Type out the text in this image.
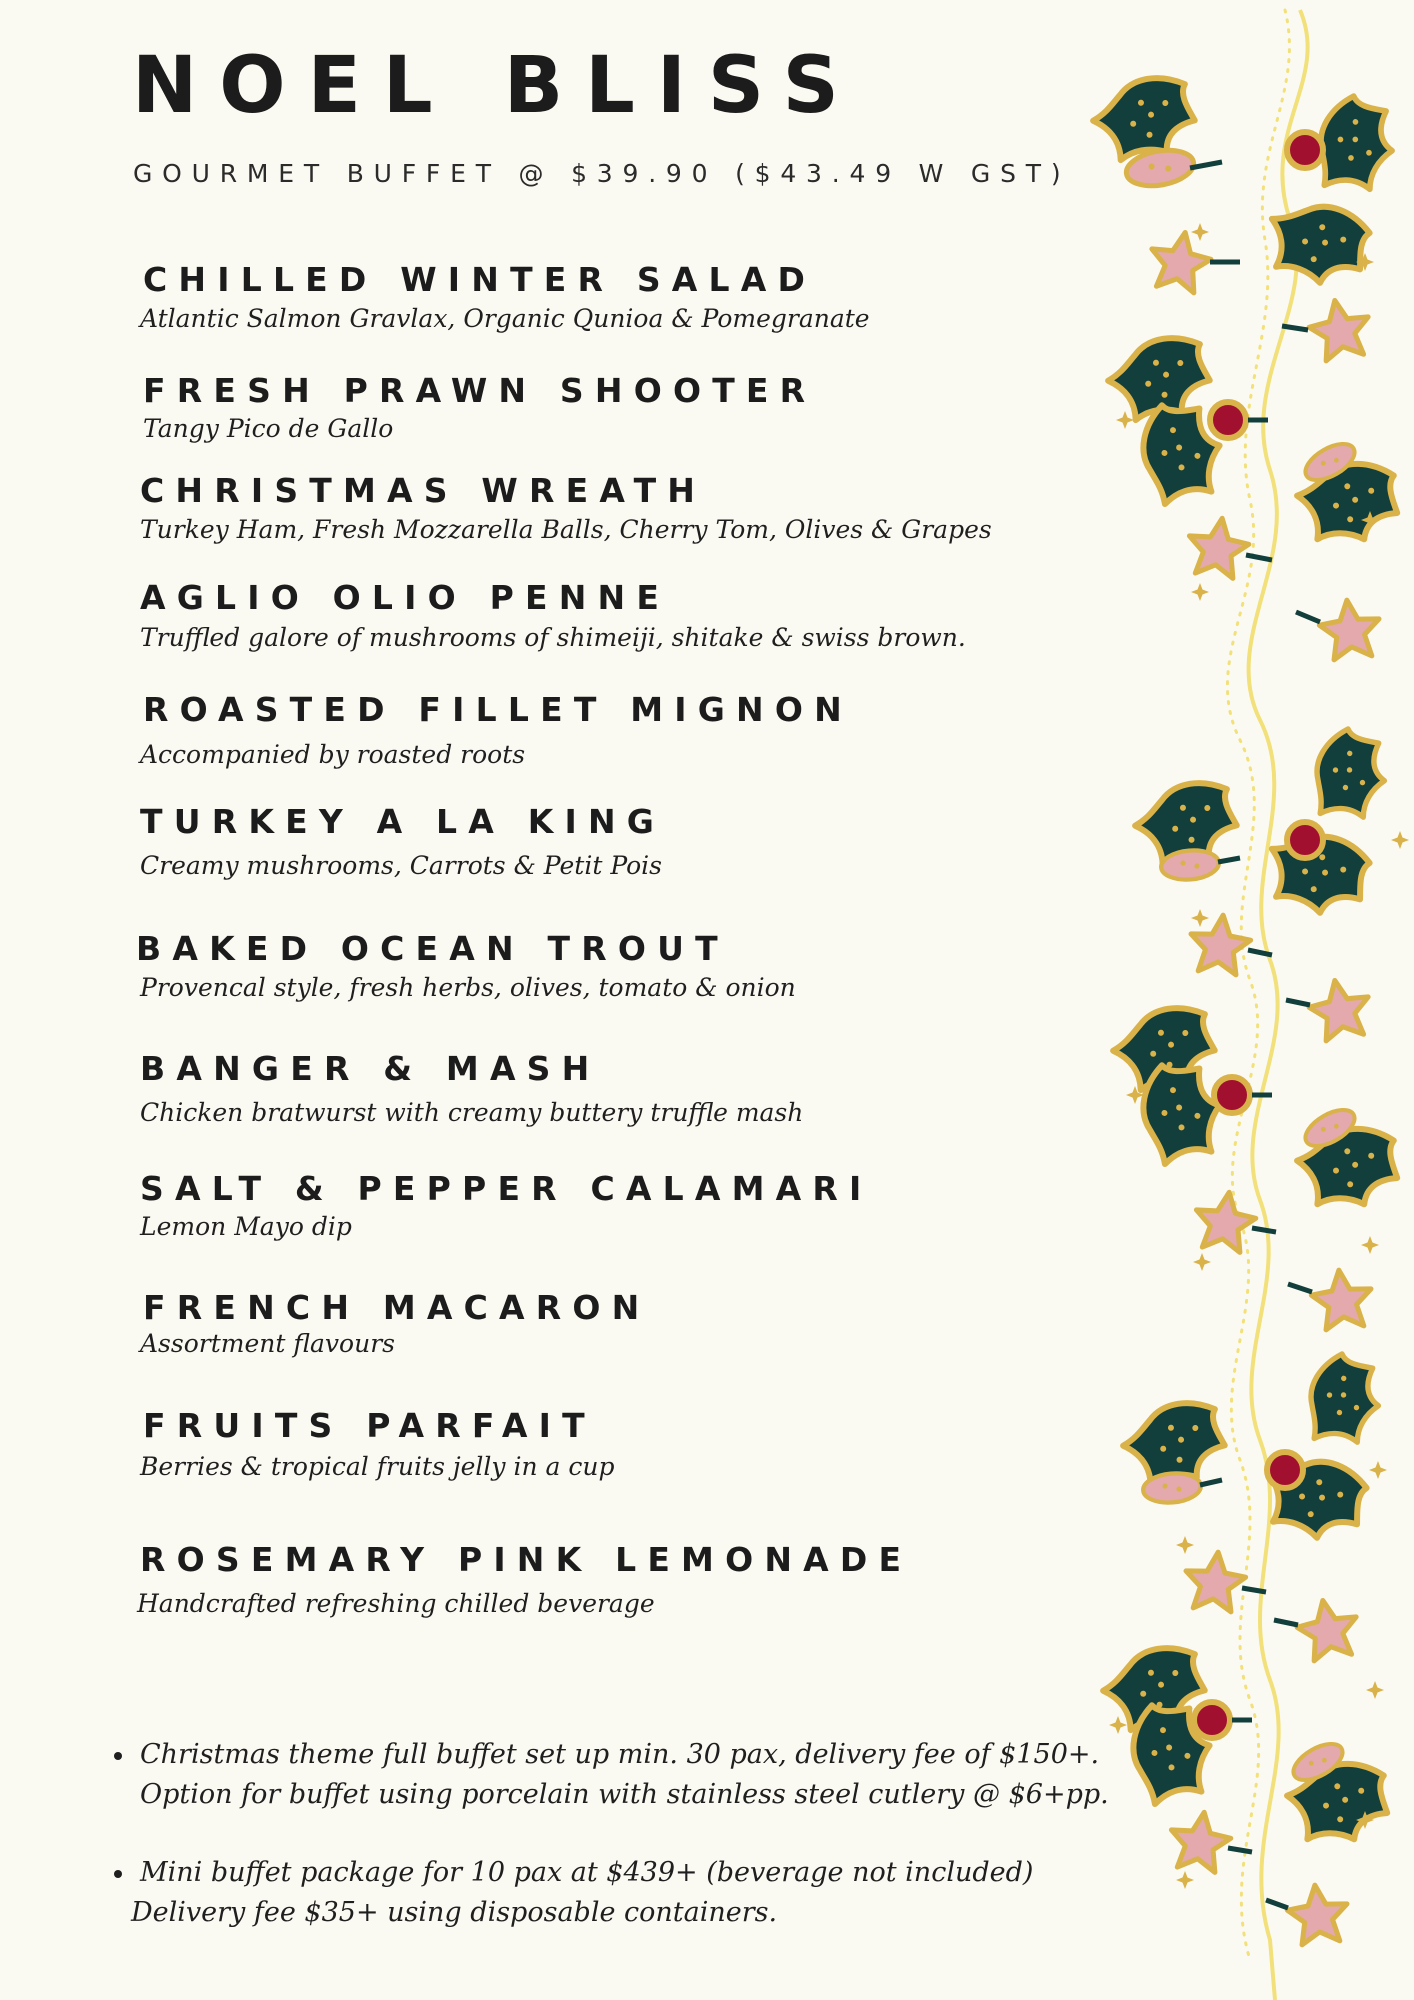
NOEL BLISS

GOURMET BUFFET @ $39.90 ($43.49 W GST)

CHILLED WINTER SALAD

Atlantic Salmon Gravlax, Organic Qunioa & Pomegranate

FRESH PRAWN SHOOTER

Tangy Pico de Gallo

CHRISTMAS WREATH

Turkey Ham, Fresh Mozzarella Balls, Cherry Tom, Olives & Grapes

AGLIO OLIO PENNE

Truffled galore of mushrooms of shimeiji, shitake & swiss brown.

ROASTED FILLET MIGNON

Accompanied by roasted roots

TURKEY A LA KING

Creamy mushrooms, Carrots & Petit Pois

BAKED OCEAN TROUT

Provencal style, fresh herbs, olives, tomato & onion

BANGER & MASH

Chicken bratwurst with creamy buttery truffle mash

SALT & PEPPER CALAMARI

Lemon Mayo dip

FRENCH MACARON

Assortment flavours

FRUITS PARFAIT

Berries & tropical fruits jelly in a cup

ROSEMARY PINK LEMONADE

Handcrafted refreshing chilled beverage

Christmas theme full buffet set up min. 30 pax, delivery fee of $150+.

Option for buffet using porcelain with stainless steel cutlery @ $6+pp.

Mini buffet package for 10 pax at $439+ (beverage not included)

Delivery fee $35+ using disposable containers.
